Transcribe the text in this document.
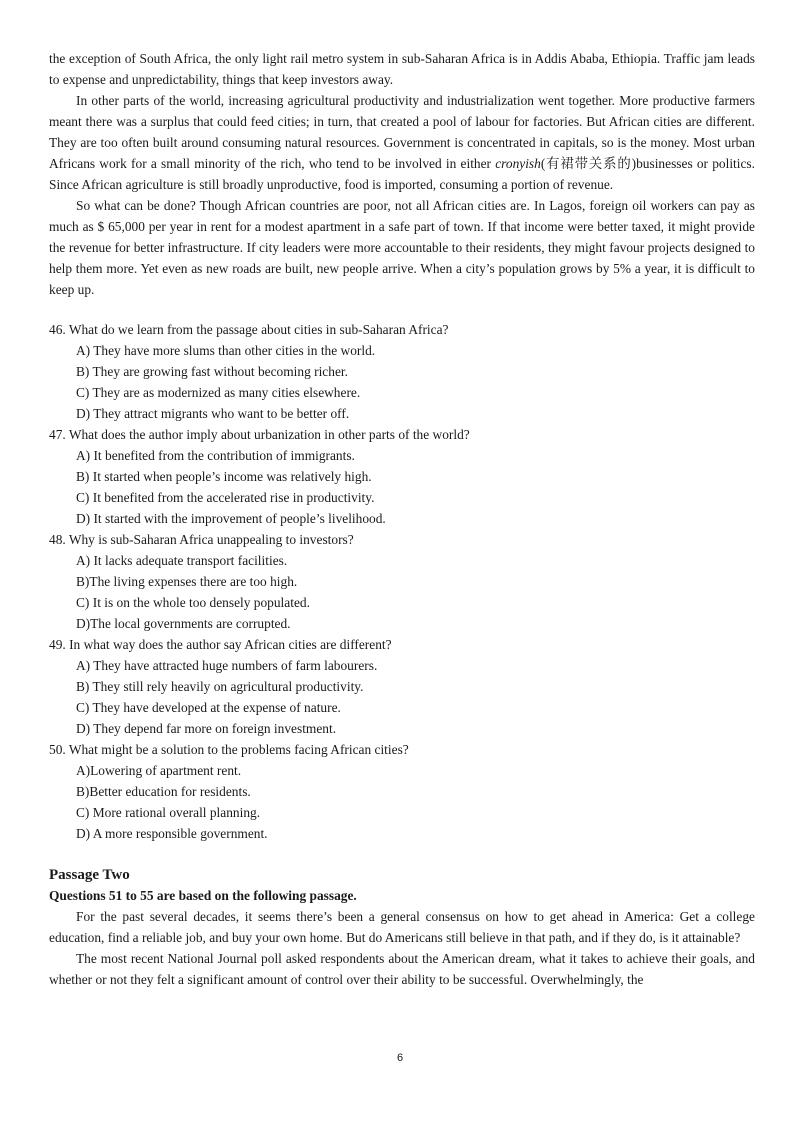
the exception of South Africa, the only light rail metro system in sub-Saharan Africa is in Addis Ababa, Ethiopia. Traffic jam leads to expense and unpredictability, things that keep investors away.

In other parts of the world, increasing agricultural productivity and industrialization went together. More productive farmers meant there was a surplus that could feed cities; in turn, that created a pool of labour for factories. But African cities are different. They are too often built around consuming natural resources. Government is concentrated in capitals, so is the money. Most urban Africans work for a small minority of the rich, who tend to be involved in either cronyish(有裙带关系的)businesses or politics. Since African agriculture is still broadly unproductive, food is imported, consuming a portion of revenue.

So what can be done? Though African countries are poor, not all African cities are. In Lagos, foreign oil workers can pay as much as $ 65,000 per year in rent for a modest apartment in a safe part of town. If that income were better taxed, it might provide the revenue for better infrastructure. If city leaders were more accountable to their residents, they might favour projects designed to help them more. Yet even as new roads are built, new people arrive. When a city’s population grows by 5% a year, it is difficult to keep up.

46. What do we learn from the passage about cities in sub-Saharan Africa?

A) They have more slums than other cities in the world.

B) They are growing fast without becoming richer.

C) They are as modernized as many cities elsewhere.

D) They attract migrants who want to be better off.

47. What does the author imply about urbanization in other parts of the world?

A) It benefited from the contribution of immigrants.

B) It started when people’s income was relatively high.

C) It benefited from the accelerated rise in productivity.

D) It started with the improvement of people’s livelihood.

48. Why is sub-Saharan Africa unappealing to investors?

A) It lacks adequate transport facilities.

B)The living expenses there are too high.

C) It is on the whole too densely populated.

D)The local governments are corrupted.

49. In what way does the author say African cities are different?

A) They have attracted huge numbers of farm labourers.

B) They still rely heavily on agricultural productivity.

C) They have developed at the expense of nature.

D) They depend far more on foreign investment.

50. What might be a solution to the problems facing African cities?

A)Lowering of apartment rent.

B)Better education for residents.

C) More rational overall planning.

D) A more responsible government.

Passage Two

Questions 51 to 55 are based on the following passage.

For the past several decades, it seems there’s been a general consensus on how to get ahead in America: Get a college education, find a reliable job, and buy your own home. But do Americans still believe in that path, and if they do, is it attainable?

The most recent National Journal poll asked respondents about the American dream, what it takes to achieve their goals, and whether or not they felt a significant amount of control over their ability to be successful. Overwhelmingly, the

6
